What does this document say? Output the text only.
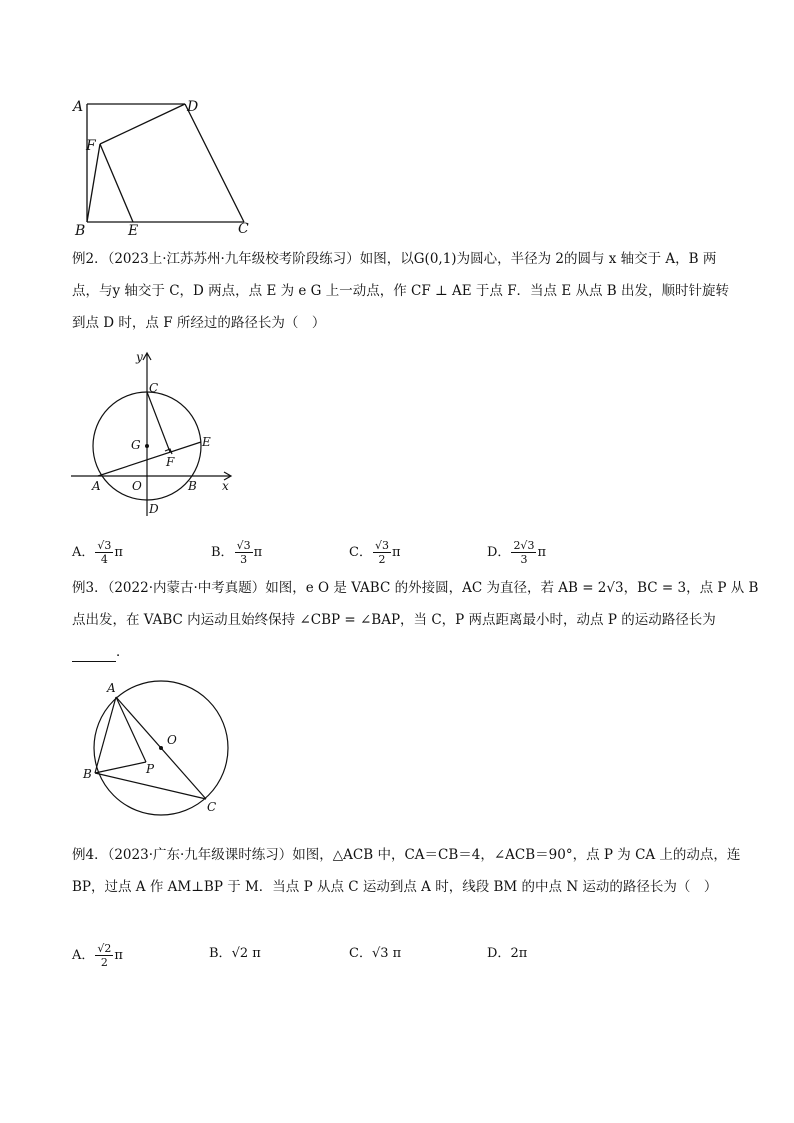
A	D
F
B	E	C
例2．（2023上·江苏苏州·九年级校考阶段练习）如图，以G(0,1)为圆心，半径为 2的圆与 x 轴交于 A，B 两
点，与y 轴交于 C，D 两点，点 E 为 e G 上一动点，作 CF ⊥ AE 于点 F．当点 E 从点 B 出发，顺时针旋转
到点 D 时，点 F 所经过的路径长为（　）
y
x
C
G	E
F
A	O	B
D
A． $\frac{√3}{4}$ π	B． $\frac{√3}{3}$ π	C． $\frac{√3}{2}$ π	D． $\frac{2√3}{3}$ π
例3．（2022·内蒙古·中考真题）如图，e O 是 VABC 的外接圆，AC 为直径，若 AB = 2√3，BC = 3，点 P 从 B
点出发，在 VABC 内运动且始终保持 ∠CBP = ∠BAP，当 C，P 两点距离最小时，动点 P 的运动路径长为
．
A
O
B	P
C
例4．（2023·广东·九年级课时练习）如图，△ACB 中，CA＝CB＝4，∠ACB＝90°，点 P 为 CA 上的动点，连
BP，过点 A 作 AM⊥BP 于 M．当点 P 从点 C 运动到点 A 时，线段 BM 的中点 N 运动的路径长为（　）
A． $\frac{√2}{2}$ π	B．√2 π	C．√3 π	D．2π
